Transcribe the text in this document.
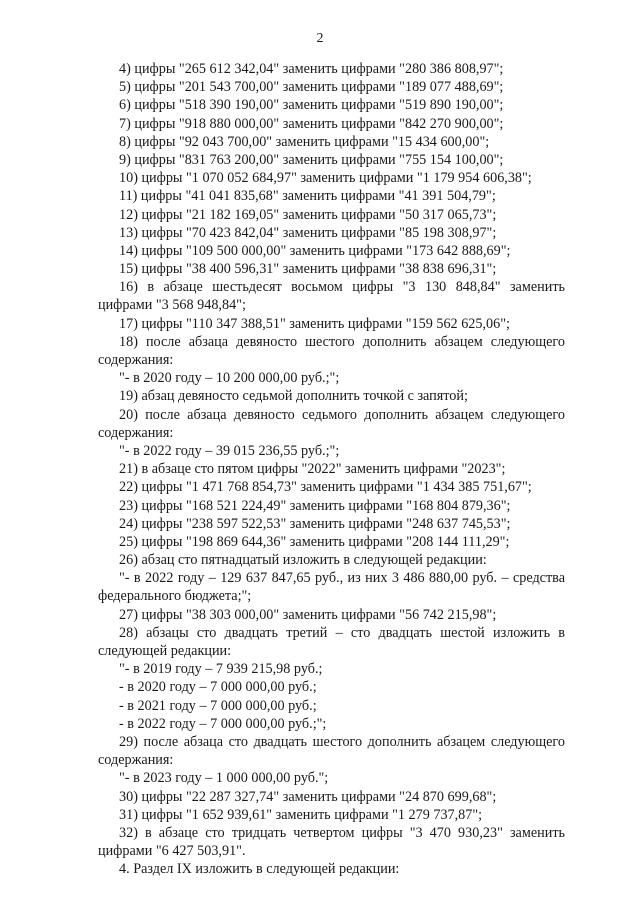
2
4) цифры "265 612 342,04" заменить цифрами "280 386 808,97";
5) цифры "201 543 700,00" заменить цифрами "189 077 488,69";
6) цифры "518 390 190,00" заменить цифрами "519 890 190,00";
7) цифры "918 880 000,00" заменить цифрами "842 270 900,00";
8) цифры "92 043 700,00" заменить цифрами "15 434 600,00";
9) цифры "831 763 200,00" заменить цифрами "755 154 100,00";
10) цифры "1 070 052 684,97" заменить цифрами "1 179 954 606,38";
11) цифры "41 041 835,68" заменить цифрами "41 391 504,79";
12) цифры "21 182 169,05" заменить цифрами "50 317 065,73";
13) цифры "70 423 842,04" заменить цифрами "85 198 308,97";
14) цифры "109 500 000,00" заменить цифрами "173 642 888,69";
15) цифры "38 400 596,31" заменить цифрами "38 838 696,31";
16) в абзаце шестьдесят восьмом цифры "3 130 848,84" заменить
цифрами "3 568 948,84";
17) цифры "110 347 388,51" заменить цифрами "159 562 625,06";
18) после абзаца девяносто шестого дополнить абзацем следующего
содержания:
"- в 2020 году – 10 200 000,00 руб.;";
19) абзац девяносто седьмой дополнить точкой с запятой;
20) после абзаца девяносто седьмого дополнить абзацем следующего
содержания:
"- в 2022 году – 39 015 236,55 руб.;";
21) в абзаце сто пятом цифры "2022" заменить цифрами "2023";
22) цифры "1 471 768 854,73" заменить цифрами "1 434 385 751,67";
23) цифры "168 521 224,49" заменить цифрами "168 804 879,36";
24) цифры "238 597 522,53" заменить цифрами "248 637 745,53";
25) цифры "198 869 644,36" заменить цифрами "208 144 111,29";
26) абзац сто пятнадцатый изложить в следующей редакции:
"- в 2022 году – 129 637 847,65 руб., из них 3 486 880,00 руб. – средства
федерального бюджета;";
27) цифры "38 303 000,00" заменить цифрами "56 742 215,98";
28) абзацы сто двадцать третий – сто двадцать шестой изложить в
следующей редакции:
"- в 2019 году – 7 939 215,98 руб.;
- в 2020 году – 7 000 000,00 руб.;
- в 2021 году – 7 000 000,00 руб.;
- в 2022 году – 7 000 000,00 руб.;";
29) после абзаца сто двадцать шестого дополнить абзацем следующего
содержания:
"- в 2023 году – 1 000 000,00 руб.";
30) цифры "22 287 327,74" заменить цифрами "24 870 699,68";
31) цифры "1 652 939,61" заменить цифрами "1 279 737,87";
32) в абзаце сто тридцать четвертом цифры "3 470 930,23" заменить
цифрами "6 427 503,91".
4. Раздел IX изложить в следующей редакции:
